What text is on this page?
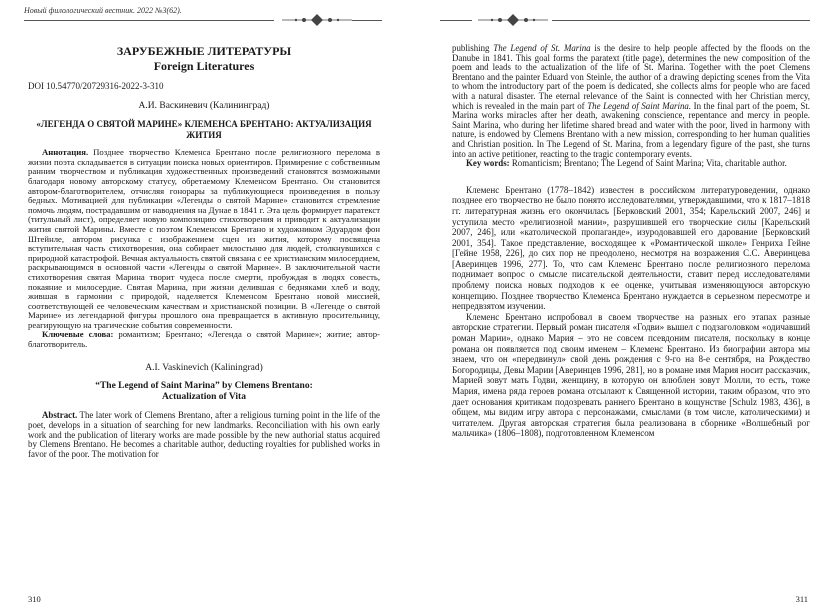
Новый филологический вестник. 2022 №3(62).

ЗАРУБЕЖНЫЕ ЛИТЕРАТУРЫ

Foreign Literatures

DOI 10.54770/20729316-2022-3-310

А.И. Васкиневич (Калининград)

«ЛЕГЕНДА О СВЯТОЙ МАРИНЕ» КЛЕМЕНСА БРЕНТАНО: АКТУАЛИЗАЦИЯ ЖИТИЯ

Аннотация. Позднее творчество Клеменса Брентано после религиозного перелома в жизни поэта складывается в ситуации поиска новых ориентиров. Примирение с собственным ранним творчеством и публикация художественных произведений становятся возможными благодаря новому авторскому статусу, обретаемому Клеменсом Брентано. Он становится автором-благотворителем, отчисляя гонорары за публикующиеся произведения в пользу бедных. Мотивацией для публикации «Легенды о святой Марине» становится стремление помочь людям, пострадавшим от наводнения на Дунае в 1841 г. Эта цель формирует паратекст (титульный лист), определяет новую композицию стихотворения и приводит к актуализации жития святой Марины. Вместе с поэтом Клеменсом Брентано и художником Эдуардом фон Штейнле, автором рисунка с изображением сцен из жития, которому посвящена вступительная часть стихотворения, она собирает милостыню для людей, столкнувшихся с природной катастрофой. Вечная актуальность святой связана с ее христианским милосердием, раскрывающимся в основной части «Легенды о святой Марине». В заключительной части стихотворения святая Марина творит чудеса после смерти, пробуждая в людях совесть, покаяние и милосердие. Святая Марина, при жизни делившая с бедняками хлеб и воду, жившая в гармонии с природой, наделяется Клеменсом Брентано новой миссией, соответствующей ее человеческим качествам и христианской позиции. В «Легенде о святой Марине» из легендарной фигуры прошлого она превращается в активную просительницу, реагирующую на трагические события современности.

Ключевые слова: романтизм; Брентано; «Легенда о святой Марине»; житие; автор-благотворитель.

A.I. Vaskinevich (Kaliningrad)

“The Legend of Saint Marina” by Clemens Brentano:
Actualization of Vita

Abstract. The later work of Clemens Brentano, after a religious turning point in the life of the poet, develops in a situation of searching for new landmarks. Reconciliation with his own early work and the publication of literary works are made possible by the new authorial status acquired by Clemens Brentano. He becomes a charitable author, deducting royalties for published works in favor of the poor. The motivation for

310

publishing The Legend of St. Marina is the desire to help people affected by the floods on the Danube in 1841. This goal forms the paratext (title page), determines the new composition of the poem and leads to the actualization of the life of St. Marina. Together with the poet Clemens Brentano and the painter Eduard von Steinle, the author of a drawing depicting scenes from the Vita to whom the introductory part of the poem is dedicated, she collects alms for people who are faced with a natural disaster. The eternal relevance of the Saint is connected with her Christian mercy, which is revealed in the main part of The Legend of Saint Marina. In the final part of the poem, St. Marina works miracles after her death, awakening conscience, repentance and mercy in people. Saint Marina, who during her lifetime shared bread and water with the poor, lived in harmony with nature, is endowed by Clemens Brentano with a new mission, corresponding to her human qualities and Christian position. In The Legend of St. Marina, from a legendary figure of the past, she turns into an active petitioner, reacting to the tragic contemporary events.

Key words: Romanticism; Brentano; The Legend of Saint Marina; Vita, charitable author.

Клеменс Брентано (1778–1842) известен в российском литературоведении, однако позднее его творчество не было понято исследователями, утверждавшими, что к 1817–1818 гг. литературная жизнь его окончилась [Берковский 2001, 354; Карельский 2007, 246] и уступила место «религиозной мании», разрушившей его творческие силы [Карельский 2007, 246], или «католической пропаганде», изуродовавшей его дарование [Берковский 2001, 354]. Такое представление, восходящее к «Романтической школе» Генриха Гейне [Гейне 1958, 226], до сих пор не преодолено, несмотря на возражения С.С. Аверинцева [Аверинцев 1996, 277]. То, что сам Клеменс Брентано после религиозного перелома поднимает вопрос о смысле писательской деятельности, ставит перед исследователями проблему поиска новых подходов к ее оценке, учитывая изменяющуюся авторскую концепцию. Позднее творчество Клеменса Брентано нуждается в серьезном пересмотре и непредвзятом изучении.

Клеменс Брентано испробовал в своем творчестве на разных его этапах разные авторские стратегии. Первый роман писателя «Годви» вышел с подзаголовком «одичавший роман Марии», однако Мария – это не совсем псевдоним писателя, поскольку в конце романа он появляется под своим именем – Клеменс Брентано. Из биографии автора мы знаем, что он «передвинул» свой день рождения с 9-го на 8-е сентября, на Рождество Богородицы, Девы Марии [Аверинцев 1996, 281], но в романе имя Мария носит рассказчик, Марией зовут мать Годви, женщину, в которую он влюблен зовут Молли, то есть, тоже Мария, имена ряда героев романа отсылают к Священной истории, таким образом, что это дает основания критикам подозревать раннего Брентано в кощунстве [Schulz 1983, 436], в общем, мы видим игру автора с персонажами, смыслами (в том числе, католическими) и читателем. Другая авторская стратегия была реализована в сборнике «Волшебный рог мальчика» (1806–1808), подготовленном Клеменсом

311
